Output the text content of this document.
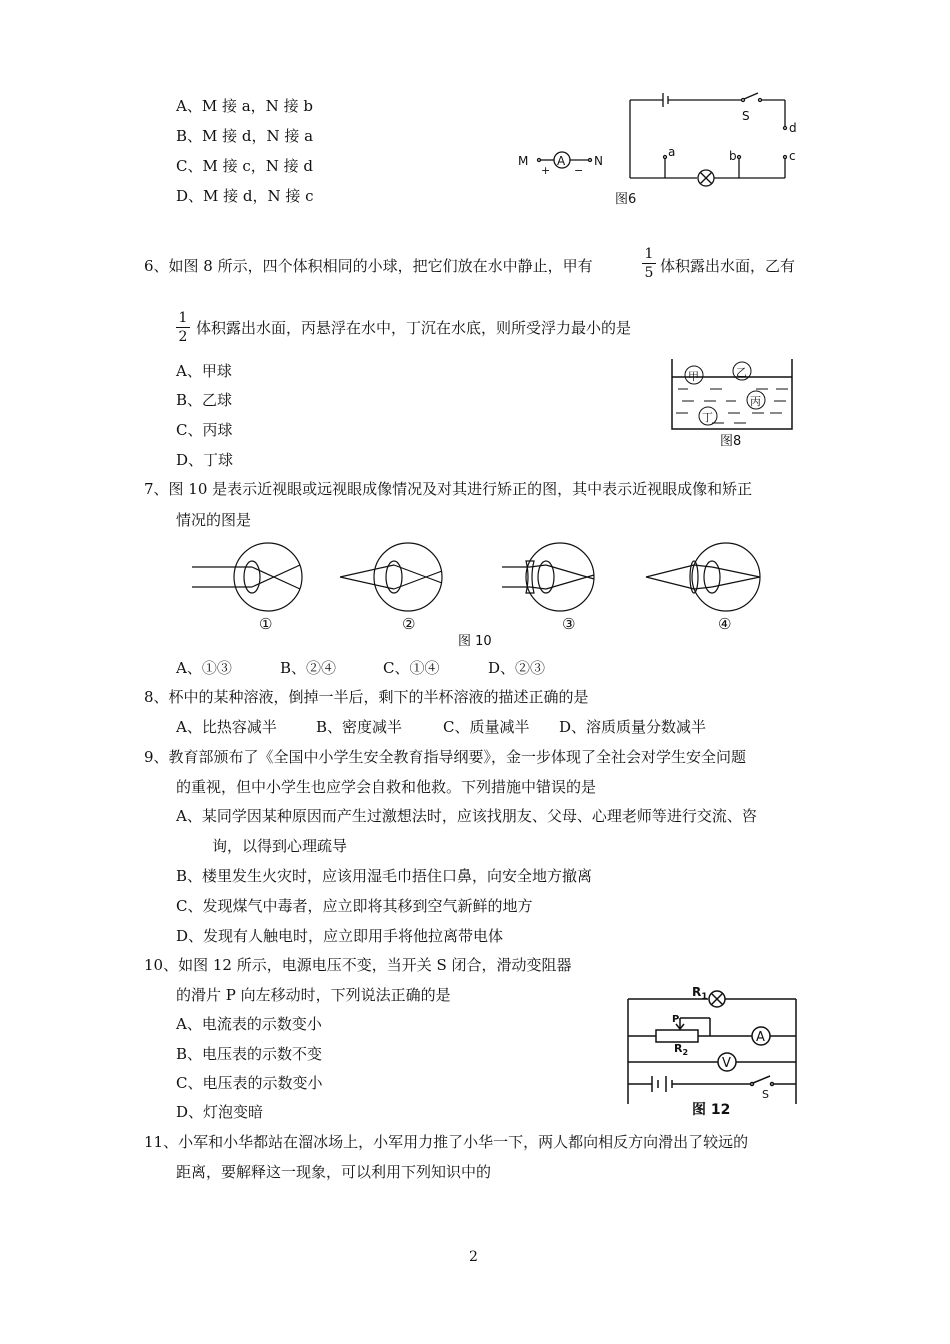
A、M 接 a，N 接 b
B、M 接 d，N 接 a
C、M 接 c，N 接 d
D、M 接 d，N 接 c
S
d
a	b	c
M	N
A
+ −
图6
6、如图 8 所示，四个体积相同的小球，把它们放在水中静止，甲有
1
5 体积露出水面，乙有
1
2 体积露出水面，丙悬浮在水中，丁沉在水底，则所受浮力最小的是
A、甲球
B、乙球
C、丙球
D、丁球
甲	乙
丙
丁
图8
7、图 10 是表示近视眼或远视眼成像情况及对其进行矫正的图，其中表示近视眼成像和矫正
情况的图是
①	②	③	④
图 10
A、①③	B、②④	C、①④	D、②③
8、杯中的某种溶液，倒掉一半后，剩下的半杯溶液的描述正确的是
A、比热容减半	B、密度减半	C、质量减半 D、溶质质量分数减半
9、教育部颁布了《全国中小学生安全教育指导纲要》，金一步体现了全社会对学生安全问题
的重视，但中小学生也应学会自救和他救。下列措施中错误的是
A、某同学因某种原因而产生过激想法时，应该找朋友、父母、心理老师等进行交流、咨
询，以得到心理疏导
B、楼里发生火灾时，应该用湿毛巾捂住口鼻，向安全地方撤离
C、发现煤气中毒者，应立即将其移到空气新鲜的地方
D、发现有人触电时，应立即用手将他拉离带电体
10、如图 12 所示，电源电压不变，当开关 S 闭合，滑动变阻器
的滑片 P 向左移动时，下列说法正确的是
A、电流表的示数变小
B、电压表的示数不变
C、电压表的示数变小
D、灯泡变暗
$R_1$
$R_2$
P
A
V
S
图 12
11、小军和小华都站在溜冰场上，小军用力推了小华一下，两人都向相反方向滑出了较远的
距离，要解释这一现象，可以利用下列知识中的
2
